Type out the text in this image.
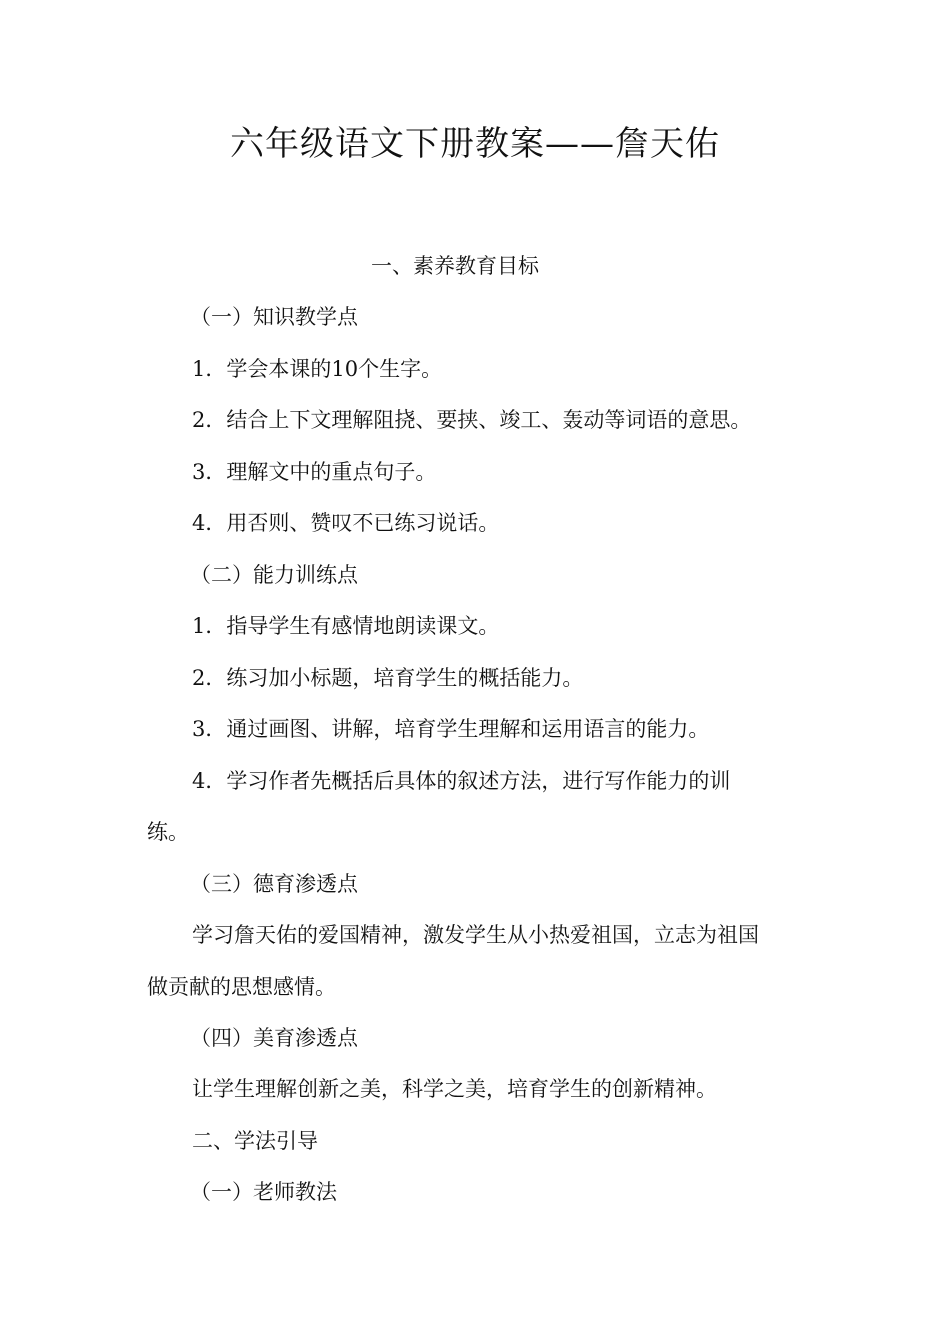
六年级语文下册教案——詹天佑
一、素养教育目标
（一）知识教学点
1．学会本课的10个生字。
2．结合上下文理解阻挠、要挟、竣工、轰动等词语的意思。
3．理解文中的重点句子。
4．用否则、赞叹不已练习说话。
（二）能力训练点
1．指导学生有感情地朗读课文。
2．练习加小标题，培育学生的概括能力。
3．通过画图、讲解，培育学生理解和运用语言的能力。
4．学习作者先概括后具体的叙述方法，进行写作能力的训
练。
（三）德育渗透点
学习詹天佑的爱国精神，激发学生从小热爱祖国，立志为祖国
做贡献的思想感情。
（四）美育渗透点
让学生理解创新之美，科学之美，培育学生的创新精神。
二、学法引导
（一）老师教法
